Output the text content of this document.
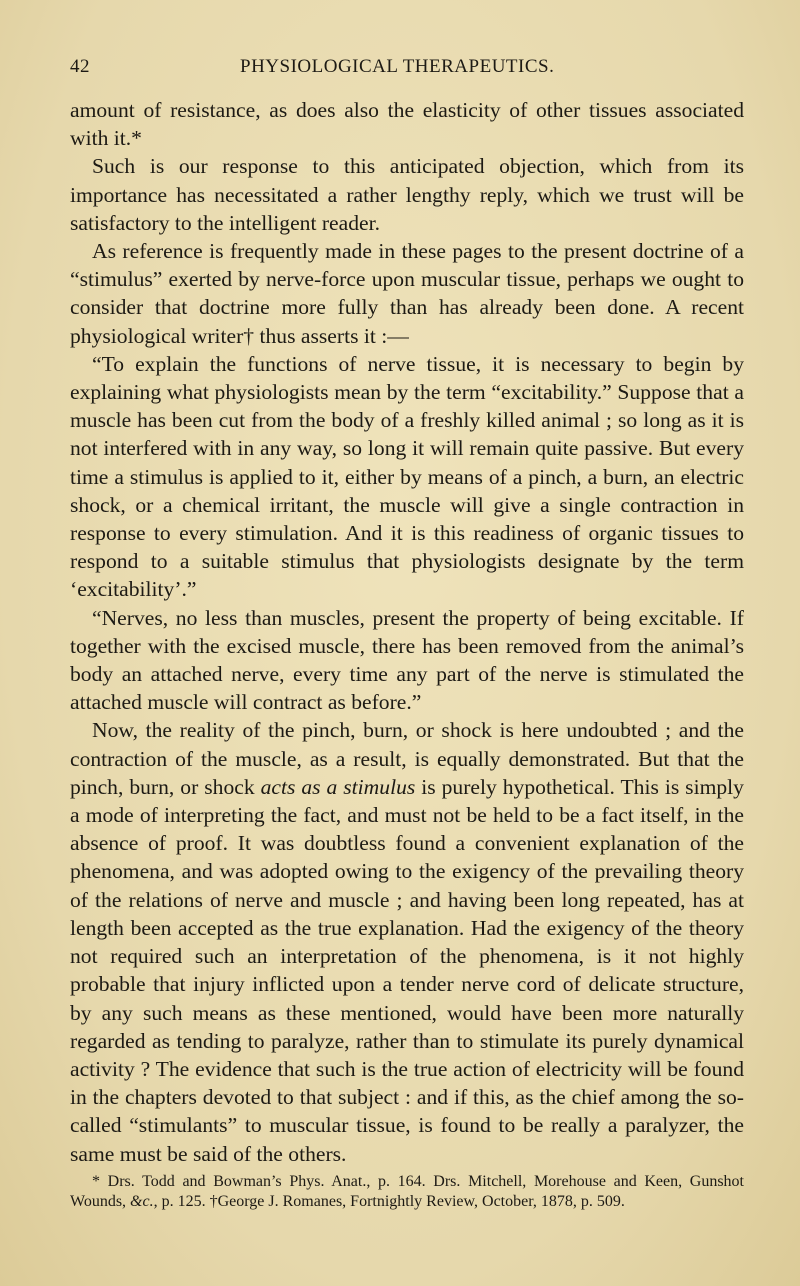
42	PHYSIOLOGICAL THERAPEUTICS.

amount of resistance, as does also the elasticity of other tissues associated with it.*

Such is our response to this anticipated objection, which from its importance has necessitated a rather lengthy reply, which we trust will be satisfactory to the intelligent reader.

As reference is frequently made in these pages to the present doctrine of a “stimulus” exerted by nerve-force upon muscular tissue, perhaps we ought to consider that doctrine more fully than has already been done. A recent physiological writer† thus asserts it :—

“To explain the functions of nerve tissue, it is necessary to begin by explaining what physiologists mean by the term “excitability.” Suppose that a muscle has been cut from the body of a freshly killed animal ; so long as it is not interfered with in any way, so long it will remain quite passive. But every time a stimulus is applied to it, either by means of a pinch, a burn, an electric shock, or a chemical irritant, the muscle will give a single contraction in response to every stimulation. And it is this readiness of organic tissues to respond to a suitable stimulus that physiologists designate by the term ‘excitability’.”

“Nerves, no less than muscles, present the property of being excitable. If together with the excised muscle, there has been removed from the animal’s body an attached nerve, every time any part of the nerve is stimulated the attached muscle will contract as before.”

Now, the reality of the pinch, burn, or shock is here undoubted ; and the contraction of the muscle, as a result, is equally demonstrated. But that the pinch, burn, or shock acts as a stimulus is purely hypothetical. This is simply a mode of interpreting the fact, and must not be held to be a fact itself, in the absence of proof. It was doubtless found a convenient explanation of the phenomena, and was adopted owing to the exigency of the prevailing theory of the relations of nerve and muscle ; and having been long repeated, has at length been accepted as the true explanation. Had the exigency of the theory not required such an interpretation of the phenomena, is it not highly probable that injury inflicted upon a tender nerve cord of delicate structure, by any such means as these mentioned, would have been more naturally regarded as tending to paralyze, rather than to stimulate its purely dynamical activity ? The evidence that such is the true action of electricity will be found in the chapters devoted to that subject : and if this, as the chief among the so-called “stimulants” to muscular tissue, is found to be really a paralyzer, the same must be said of the others.

* Drs. Todd and Bowman’s Phys. Anat., p. 164. Drs. Mitchell, Morehouse and Keen, Gunshot Wounds, &c., p. 125. †George J. Romanes, Fortnightly Review, October, 1878, p. 509.
